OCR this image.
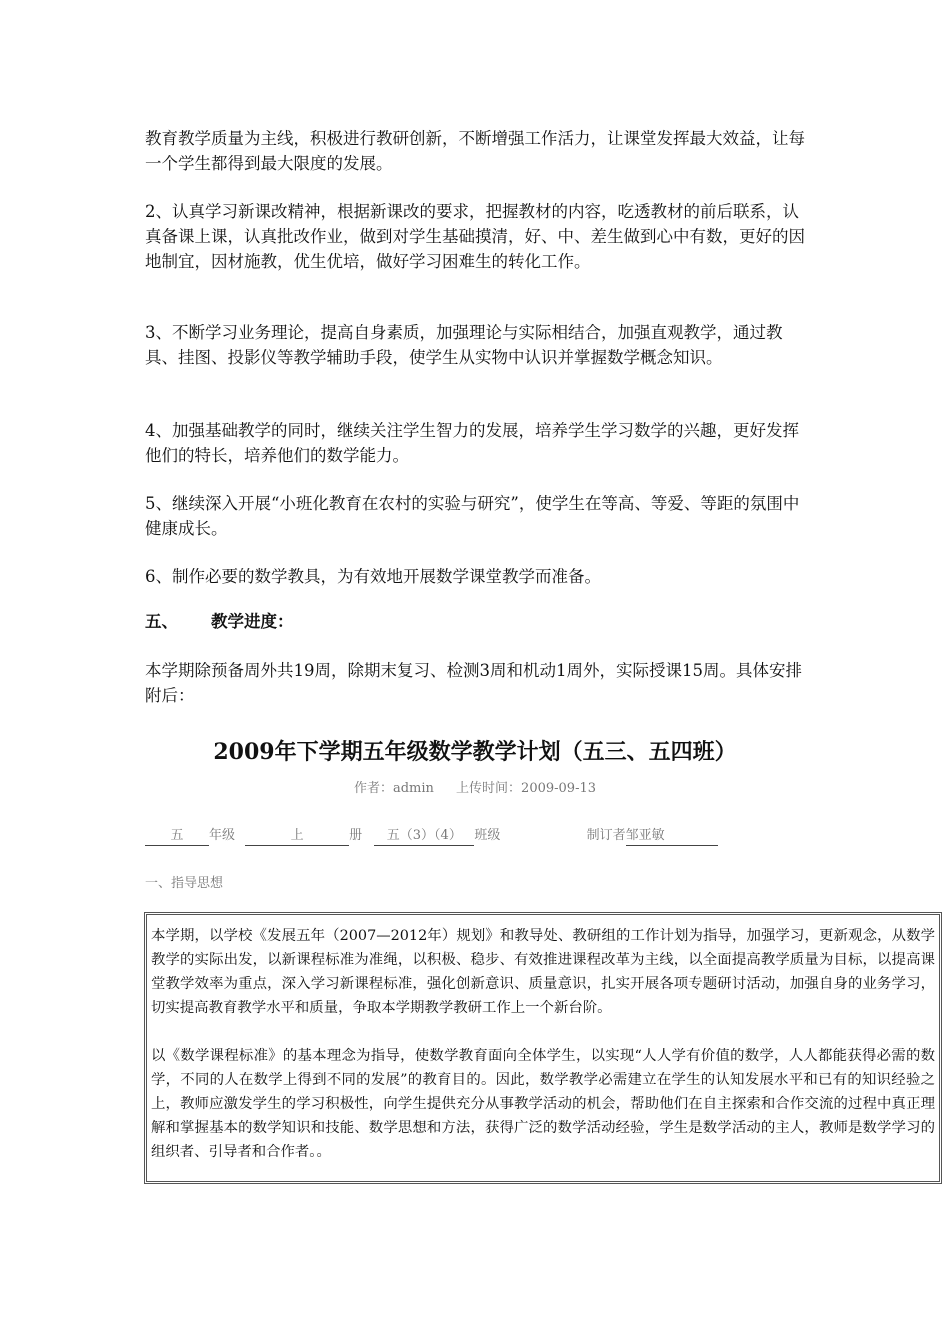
教育教学质量为主线，积极进行教研创新，不断增强工作活力，让课堂发挥最大效益，让每一个学生都得到最大限度的发展。
2、认真学习新课改精神，根据新课改的要求，把握教材的内容，吃透教材的前后联系，认真备课上课，认真批改作业，做到对学生基础摸清，好、中、差生做到心中有数，更好的因地制宜，因材施教，优生优培，做好学习困难生的转化工作。
3、不断学习业务理论，提高自身素质，加强理论与实际相结合，加强直观教学，通过教具、挂图、投影仪等教学辅助手段，使学生从实物中认识并掌握数学概念知识。
4、加强基础教学的同时，继续关注学生智力的发展，培养学生学习数学的兴趣，更好发挥他们的特长，培养他们的数学能力。
5、继续深入开展“小班化教育在农村的实验与研究”，使学生在等高、等爱、等距的氛围中健康成长。
6、制作必要的数学教具，为有效地开展数学课堂教学而准备。
五、 教学进度：
本学期除预备周外共19周，除期末复习、检测3周和机动1周外，实际授课15周。具体安排附后：
2009年下学期五年级数学教学计划（五三、五四班）
作者：admin 上传时间：2009-09-13
五 年级	上	册 五（3）（4） 班级	制订者邹亚敏
一、指导思想

本学期，以学校《发展五年（2007—2012年）规划》和教导处、教研组的工作计划为指导，加强学习，更新观念，从数学教学的实际出发，以新课程标准为准绳，以积极、稳步、有效推进课程改革为主线，以全面提高教学质量为目标，以提高课堂教学效率为重点，深入学习新课程标准，强化创新意识、质量意识，扎实开展各项专题研讨活动，加强自身的业务学习，切实提高教育教学水平和质量，争取本学期教学教研工作上一个新台阶。

以《数学课程标准》的基本理念为指导，使数学教育面向全体学生，以实现“人人学有价值的数学，人人都能获得必需的数学，不同的人在数学上得到不同的发展”的教育目的。因此，数学教学必需建立在学生的认知发展水平和已有的知识经验之上，教师应激发学生的学习积极性，向学生提供充分从事教学活动的机会，帮助他们在自主探索和合作交流的过程中真正理解和掌握基本的数学知识和技能、数学思想和方法，获得广泛的数学活动经验，学生是数学活动的主人，教师是数学学习的组织者、引导者和合作者。。
